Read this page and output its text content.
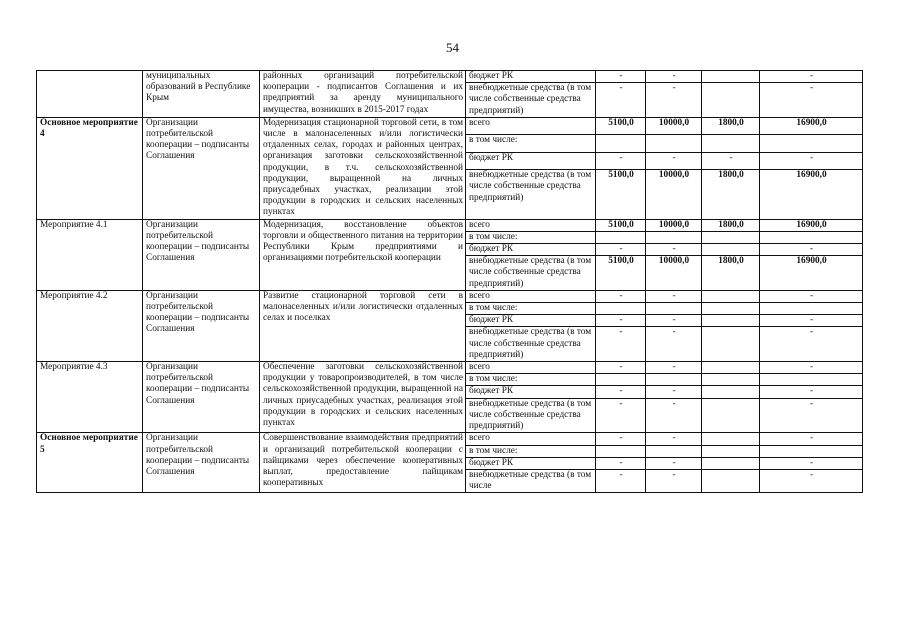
54
	муниципальных образований в Республике Крым	районных организаций потребительской кооперации - подписантов Соглашения и их предприятий за аренду муниципального имущества, возникших в 2015-2017 годах	бюджет РК	-	-		-
			внебюджетные средства (в том числе собственные средства предприятий)	-	-		-
Основное мероприятие 4	Организации потребительской кооперации – подписанты Соглашения	Модернизация стационарной торговой сети, в том числе в малонаселенных и/или логистически отдаленных селах, городах и районных центрах, организация заготовки сельскохозяйственной продукции, в т.ч. сельскохозяйственной продукции, выращенной на личных приусадебных участках, реализации этой продукции в городских и сельских населенных пунктах	всего	5100,0	10000,0	1800,0	16900,0
			в том числе:				
			бюджет РК	-	-	-	-
			внебюджетные средства (в том числе собственные средства предприятий)	5100,0	10000,0	1800,0	16900,0
Мероприятие 4.1	Организации потребительской кооперации – подписанты Соглашения	Модернизация, восстановление объектов торговли и общественного питания на территории Республики Крым предприятиями и организациями потребительской кооперации	всего	5100,0	10000,0	1800,0	16900,0
			в том числе:				
			бюджет РК	-	-		-
			внебюджетные средства (в том числе собственные средства предприятий)	5100,0	10000,0	1800,0	16900,0
Мероприятие 4.2	Организации потребительской кооперации – подписанты Соглашения	Развитие стационарной торговой сети в малонаселенных и/или логистически отдаленных селах и поселках	всего	-	-		-
			в том числе:				
			бюджет РК	-	-		-
			внебюджетные средства (в том числе собственные средства предприятий)	-	-		-
Мероприятие 4.3	Организации потребительской кооперации – подписанты Соглашения	Обеспечение заготовки сельскохозяйственной продукции у товаропроизводителей, в том числе сельскохозяйственной продукции, выращенной на личных приусадебных участках, реализация этой продукции в городских и сельских населенных пунктах	всего	-	-		-
			в том числе:				
			бюджет РК	-	-		-
			внебюджетные средства (в том числе собственные средства предприятий)	-	-		-
Основное мероприятие 5	Организации потребительской кооперации – подписанты Соглашения	Совершенствование взаимодействия предприятий и организаций потребительской кооперации с пайщиками через обеспечение кооперативных выплат, предоставление пайщикам кооперативных	всего	-	-		-
			в том числе:				
			бюджет РК	-	-		-
			внебюджетные средства (в том числе	-	-		-
